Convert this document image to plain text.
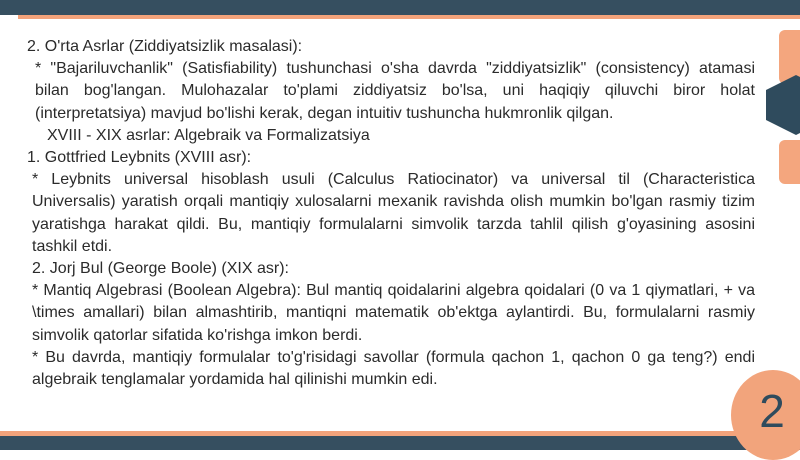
2. O'rta Asrlar (Ziddiyatsizlik masalasi):

* "Bajariluvchanlik" (Satisfiability) tushunchasi o'sha davrda "ziddiyatsizlik" (consistency) atamasi bilan bog'langan. Mulohazalar to'plami ziddiyatsiz bo'lsa, uni haqiqiy qiluvchi biror holat (interpretatsiya) mavjud bo'lishi kerak, degan intuitiv tushuncha hukmronlik qilgan.

XVIII - XIX asrlar: Algebraik va Formalizatsiya

1. Gottfried Leybnits (XVIII asr):

* Leybnits universal hisoblash usuli (Calculus Ratiocinator) va universal til (Characteristica Universalis) yaratish orqali mantiqiy xulosalarni mexanik ravishda olish mumkin bo'lgan rasmiy tizim yaratishga harakat qildi. Bu, mantiqiy formulalarni simvolik tarzda tahlil qilish g'oyasining asosini tashkil etdi.

2. Jorj Bul (George Boole) (XIX asr):

* Mantiq Algebrasi (Boolean Algebra): Bul mantiq qoidalarini algebra qoidalari (0 va 1 qiymatlari, + va \times amallari) bilan almashtirib, mantiqni matematik ob'ektga aylantirdi. Bu, formulalarni rasmiy simvolik qatorlar sifatida ko'rishga imkon berdi.

* Bu davrda, mantiqiy formulalar to'g'risidagi savollar (formula qachon 1, qachon 0 ga teng?) endi algebraik tenglamalar yordamida hal qilinishi mumkin edi.

2
